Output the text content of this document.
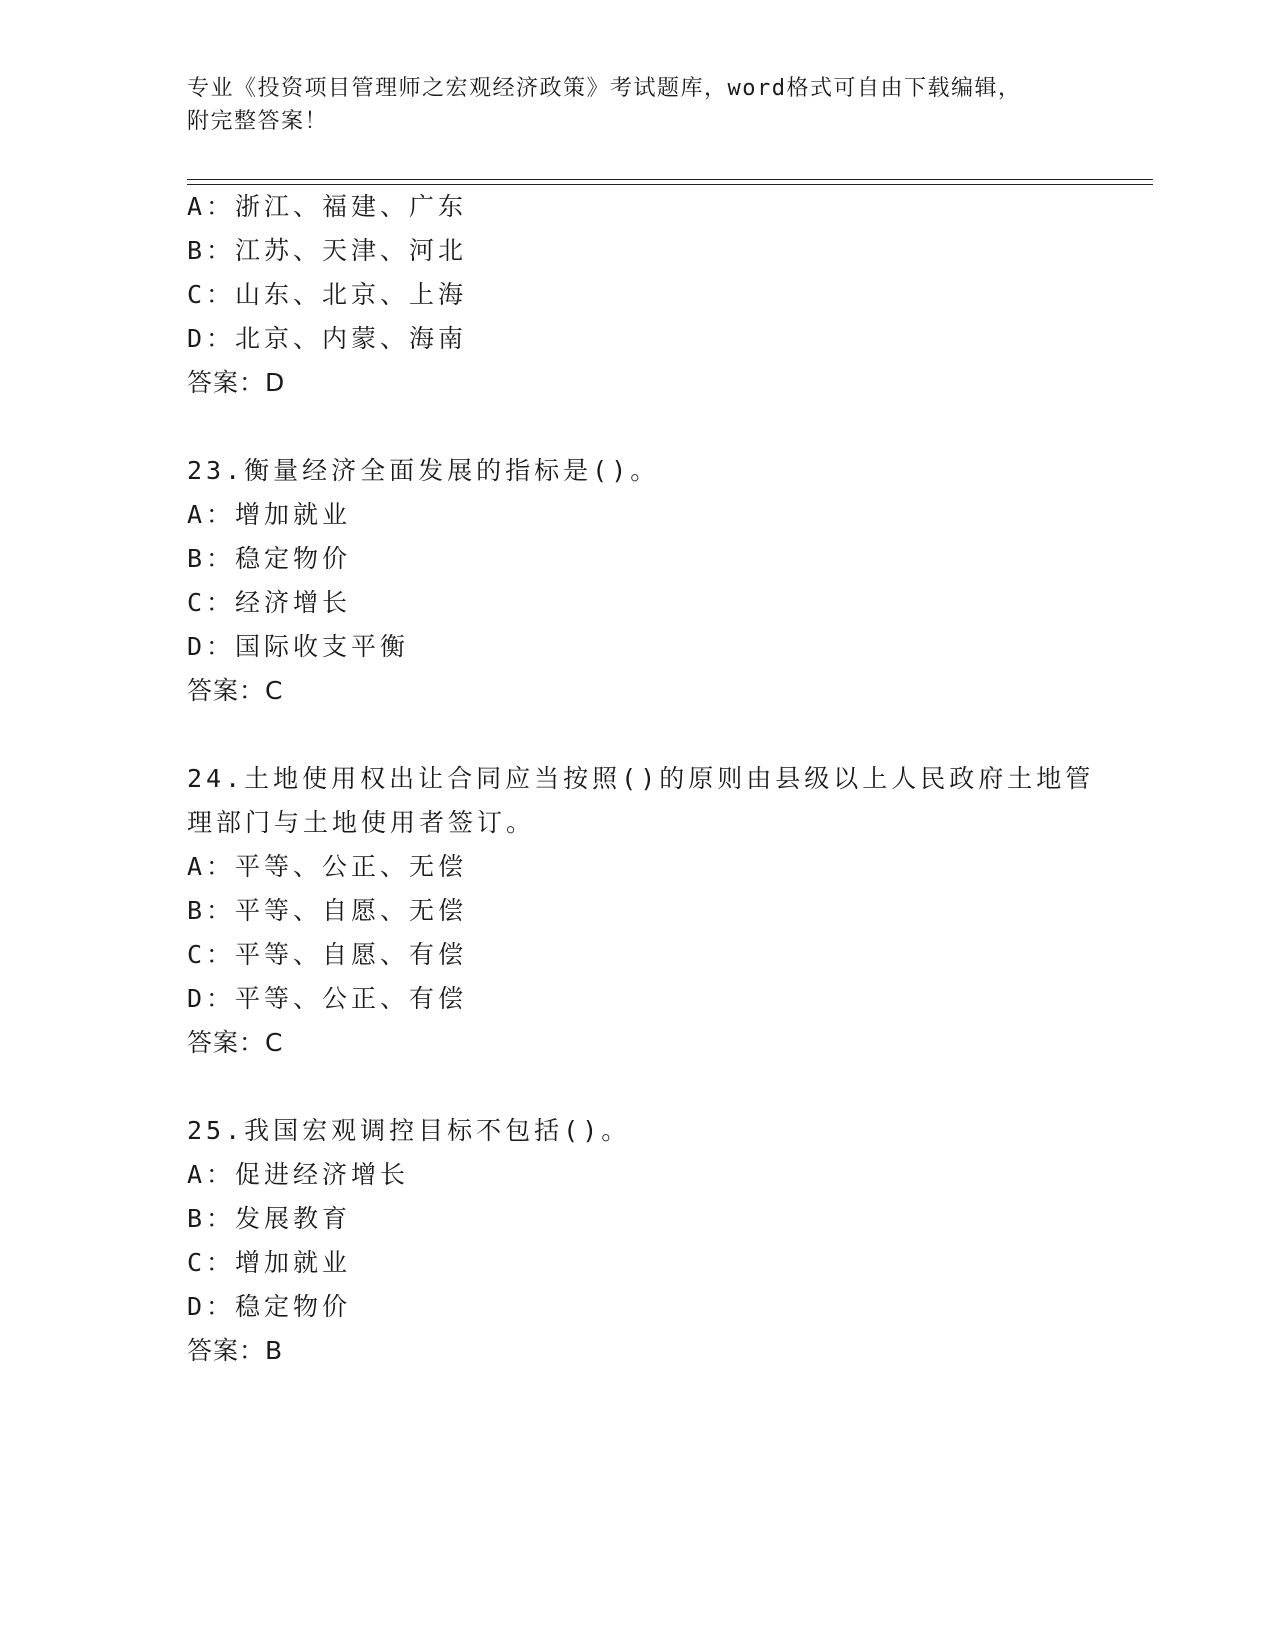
专业《投资项目管理师之宏观经济政策》考试题库，word格式可自由下载编辑，
附完整答案！
A：浙江、福建、广东
B：江苏、天津、河北
C：山东、北京、上海
D：北京、内蒙、海南
答案：D
23.衡量经济全面发展的指标是()。
A：增加就业
B：稳定物价
C：经济增长
D：国际收支平衡
答案：C
24.土地使用权出让合同应当按照()的原则由县级以上人民政府土地管
理部门与土地使用者签订。
A：平等、公正、无偿
B：平等、自愿、无偿
C：平等、自愿、有偿
D：平等、公正、有偿
答案：C
25.我国宏观调控目标不包括()。
A：促进经济增长
B：发展教育
C：增加就业
D：稳定物价
答案：B
